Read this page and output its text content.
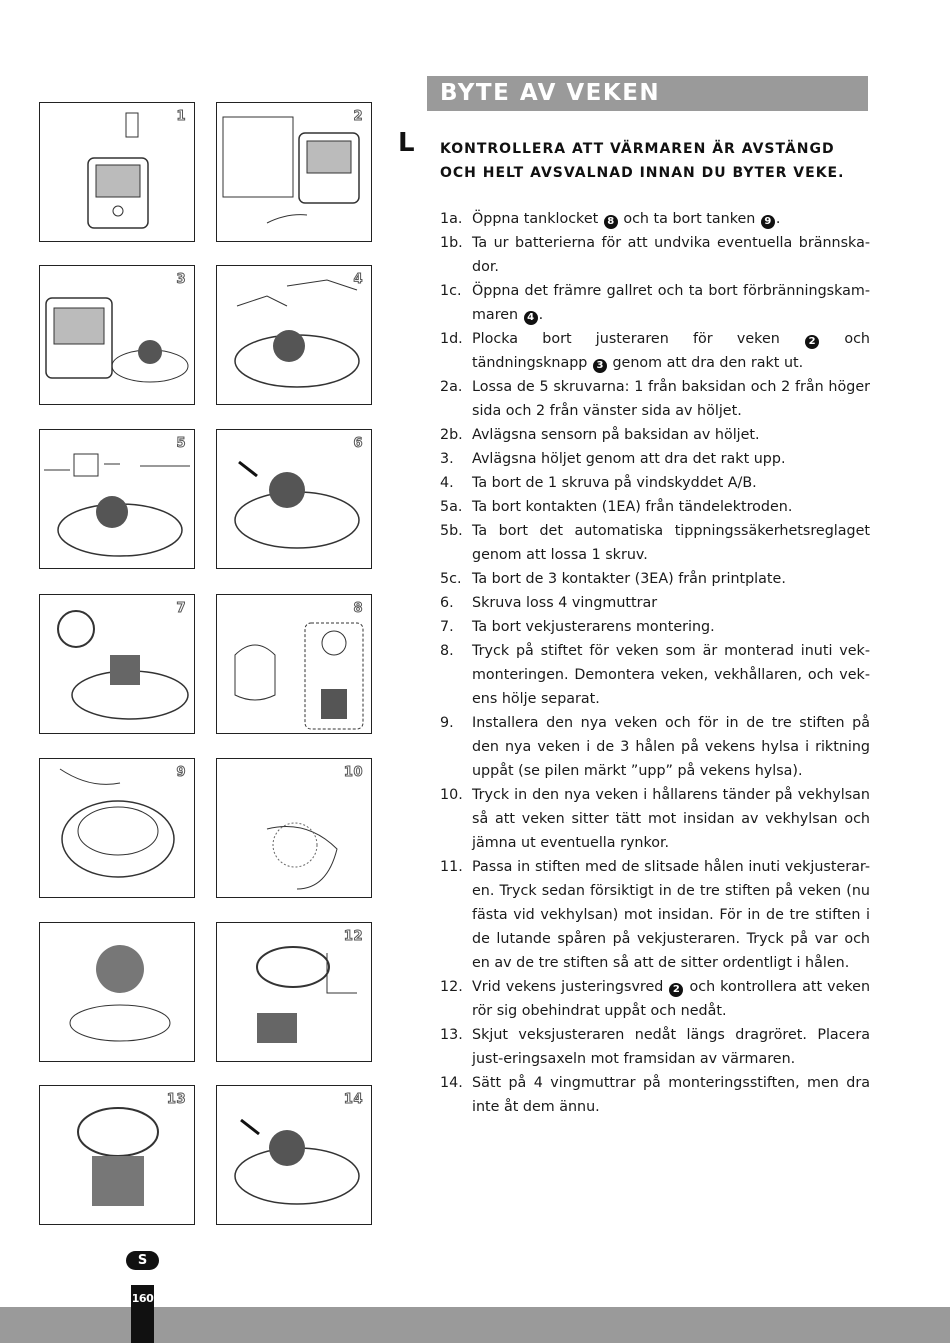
1	2
3	4
5	6
7	8
9	10
12
13	14
BYTE AV VEKEN
L KONTROLLERA ATT VÄRMAREN ÄR AVSTÄNGD OCH HELT AVSVALNAD INNAN DU BYTER VEKE.
1a. Öppna tanklocket 8 och ta bort tanken 9 .
1b. Ta ur batterierna för att undvika eventuella brännska-dor.
1c. Öppna det främre gallret och ta bort förbränningskam-maren 4 .
1d. Plocka bort justeraren för veken 2 och tändningsknapp 3 genom att dra den rakt ut.
2a. Lossa de 5 skruvarna: 1 från baksidan och 2 från höger sida och 2 från vänster sida av höljet.
2b. Avlägsna sensorn på baksidan av höljet.
3.	Avlägsna höljet genom att dra det rakt upp.
4.	Ta bort de 1 skruva på vindskyddet A/B.
5a. Ta bort kontakten (1EA) från tändelektroden.
5b. Ta bort det automatiska tippningssäkerhetsreglaget genom att lossa 1 skruv.
5c. Ta bort de 3 kontakter (3EA) från printplate.
6.	Skruva loss 4 vingmuttrar
7.	Ta bort vekjusterarens montering.
8.	Tryck på stiftet för veken som är monterad inuti vek-monteringen. Demontera veken, vekhållaren, och vek-ens hölje separat.
9.	Installera den nya veken och för in de tre stiften på den nya veken i de 3 hålen på vekens hylsa i riktning uppåt (se pilen märkt ”upp” på vekens hylsa).
10. Tryck in den nya veken i hållarens tänder på vekhylsan så att veken sitter tätt mot insidan av vekhylsan och jämna ut eventuella rynkor.
11. Passa in stiften med de slitsade hålen inuti vekjusterar-en. Tryck sedan försiktigt in de tre stiften på veken (nu fästa vid vekhylsan) mot insidan. För in de tre stiften i de lutande spåren på vekjusteraren. Tryck på var och en av de tre stiften så att de sitter ordentligt i hålen.
12. Vrid vekens justeringsvred 2 och kontrollera att veken rör sig obehindrat uppåt och nedåt.
13. Skjut veksjusteraren nedåt längs dragröret. Placera just-eringsaxeln mot framsidan av värmaren.
14. Sätt på 4 vingmuttrar på monteringsstiften, men dra inte åt dem ännu.
S
160
